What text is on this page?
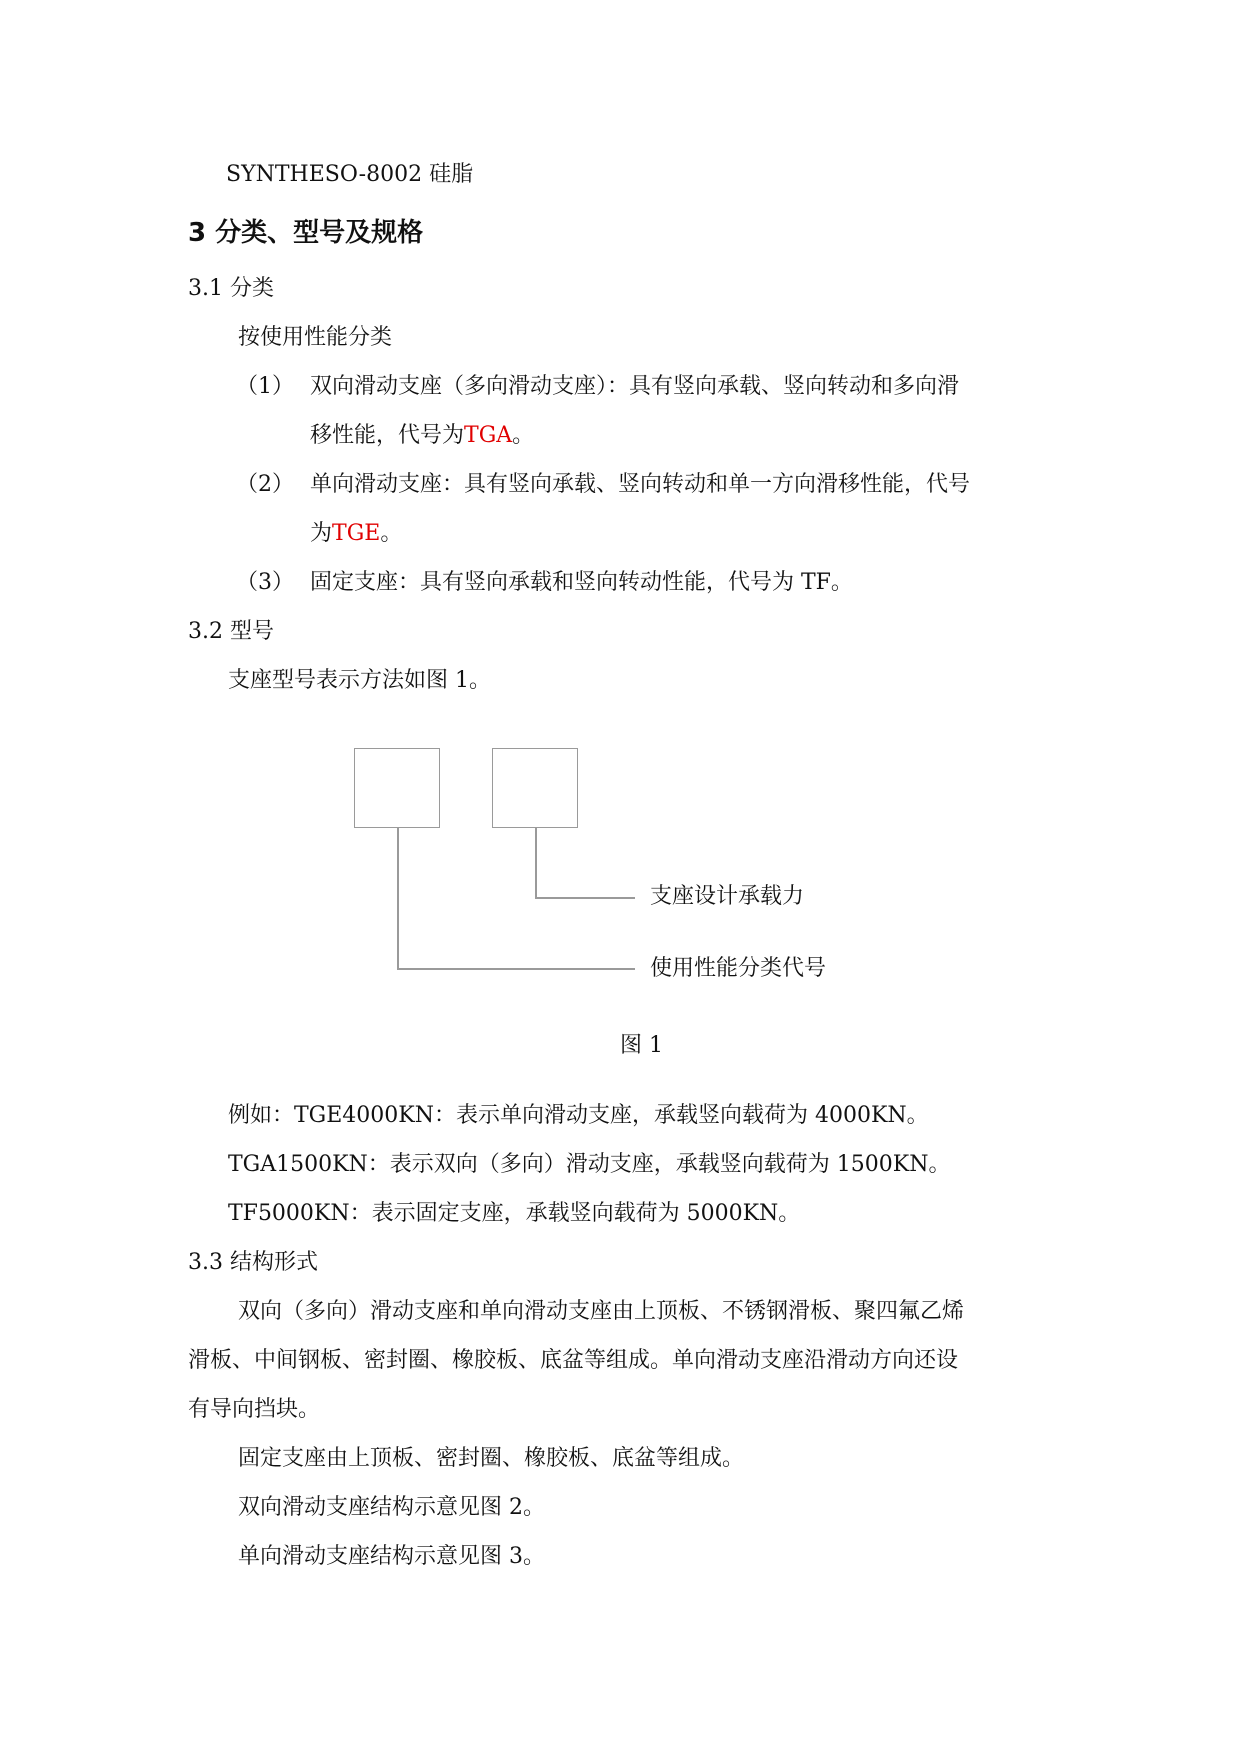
SYNTHESO-8002 硅脂
3 分类、型号及规格
3.1 分类
按使用性能分类
（1） 双向滑动支座（多向滑动支座）：具有竖向承载、竖向转动和多向滑
移性能，代号为TGA。
（2） 单向滑动支座：具有竖向承载、竖向转动和单一方向滑移性能，代号
为TGE。
（3） 固定支座：具有竖向承载和竖向转动性能，代号为 TF。
3.2 型号
支座型号表示方法如图 1。
支座设计承载力
使用性能分类代号
图 1
例如：TGE4000KN：表示单向滑动支座，承载竖向载荷为 4000KN。
TGA1500KN：表示双向（多向）滑动支座，承载竖向载荷为 1500KN。
TF5000KN：表示固定支座，承载竖向载荷为 5000KN。
3.3 结构形式
双向（多向）滑动支座和单向滑动支座由上顶板、不锈钢滑板、聚四氟乙烯
滑板、中间钢板、密封圈、橡胶板、底盆等组成。单向滑动支座沿滑动方向还设
有导向挡块。
固定支座由上顶板、密封圈、橡胶板、底盆等组成。
双向滑动支座结构示意见图 2。
单向滑动支座结构示意见图 3。
